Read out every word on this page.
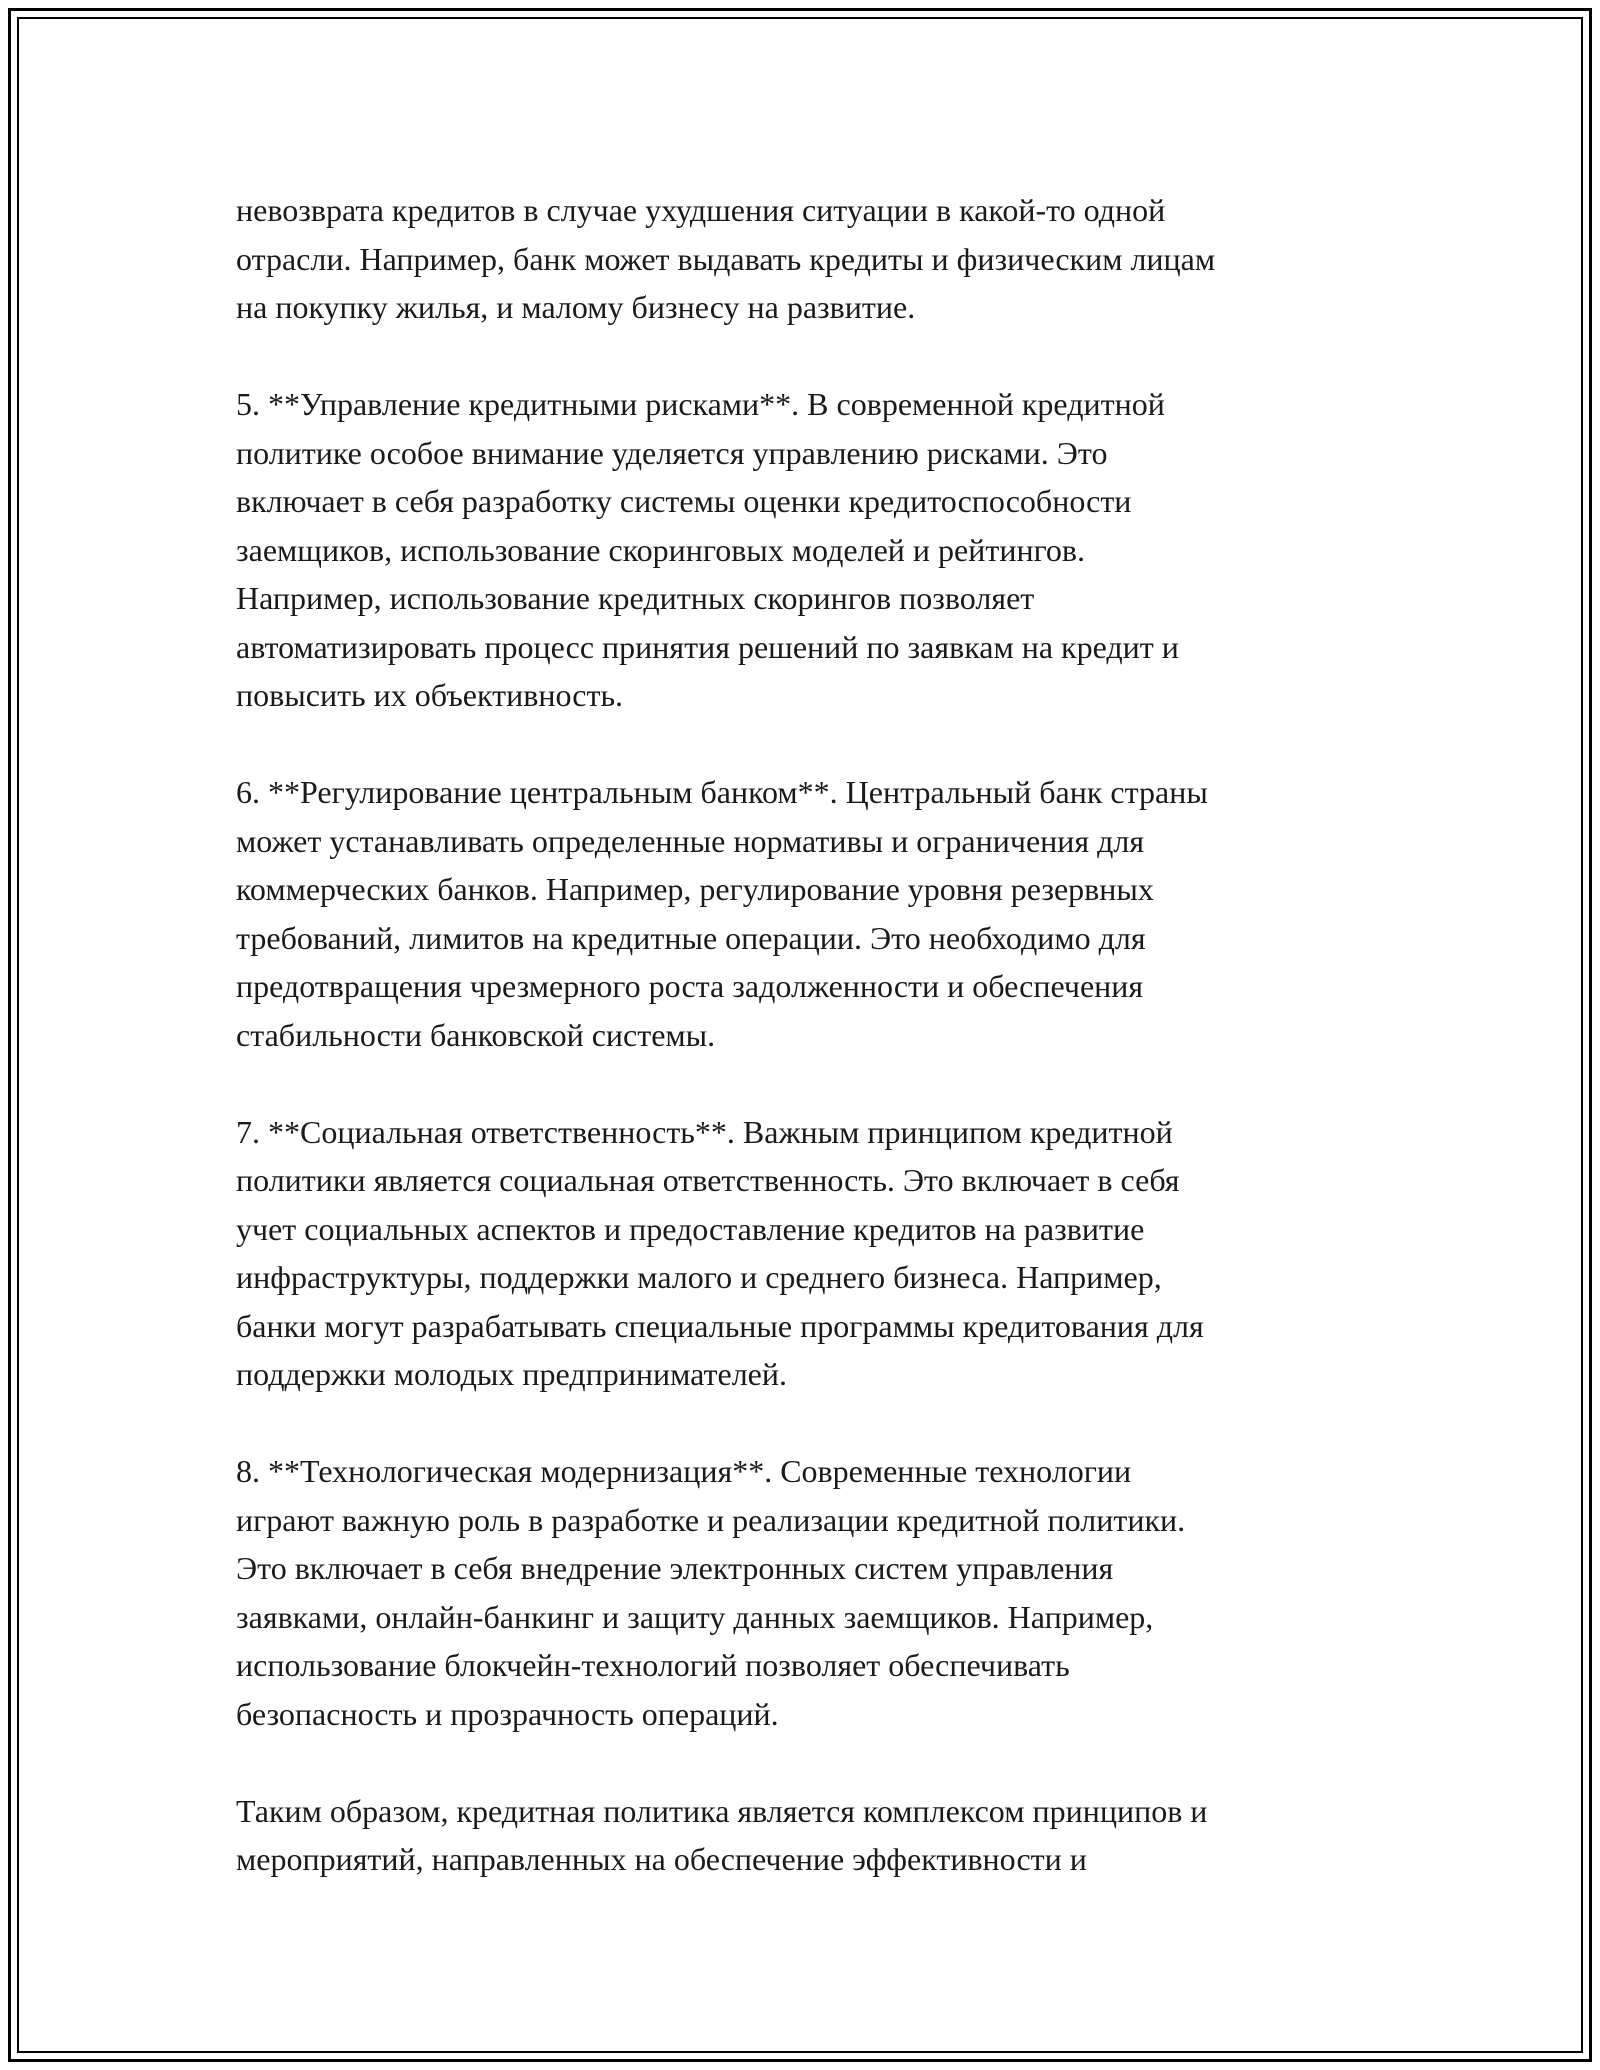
невозврата кредитов в случае ухудшения ситуации в какой-то одной
отрасли. Например, банк может выдавать кредиты и физическим лицам
на покупку жилья, и малому бизнесу на развитие.
5. **Управление кредитными рисками**. В современной кредитной
политике особое внимание уделяется управлению рисками. Это
включает в себя разработку системы оценки кредитоспособности
заемщиков, использование скоринговых моделей и рейтингов.
Например, использование кредитных скорингов позволяет
автоматизировать процесс принятия решений по заявкам на кредит и
повысить их объективность.
6. **Регулирование центральным банком**. Центральный банк страны
может устанавливать определенные нормативы и ограничения для
коммерческих банков. Например, регулирование уровня резервных
требований, лимитов на кредитные операции. Это необходимо для
предотвращения чрезмерного роста задолженности и обеспечения
стабильности банковской системы.
7. **Социальная ответственность**. Важным принципом кредитной
политики является социальная ответственность. Это включает в себя
учет социальных аспектов и предоставление кредитов на развитие
инфраструктуры, поддержки малого и среднего бизнеса. Например,
банки могут разрабатывать специальные программы кредитования для
поддержки молодых предпринимателей.
8. **Технологическая модернизация**. Современные технологии
играют важную роль в разработке и реализации кредитной политики.
Это включает в себя внедрение электронных систем управления
заявками, онлайн-банкинг и защиту данных заемщиков. Например,
использование блокчейн-технологий позволяет обеспечивать
безопасность и прозрачность операций.
Таким образом, кредитная политика является комплексом принципов и
мероприятий, направленных на обеспечение эффективности и
